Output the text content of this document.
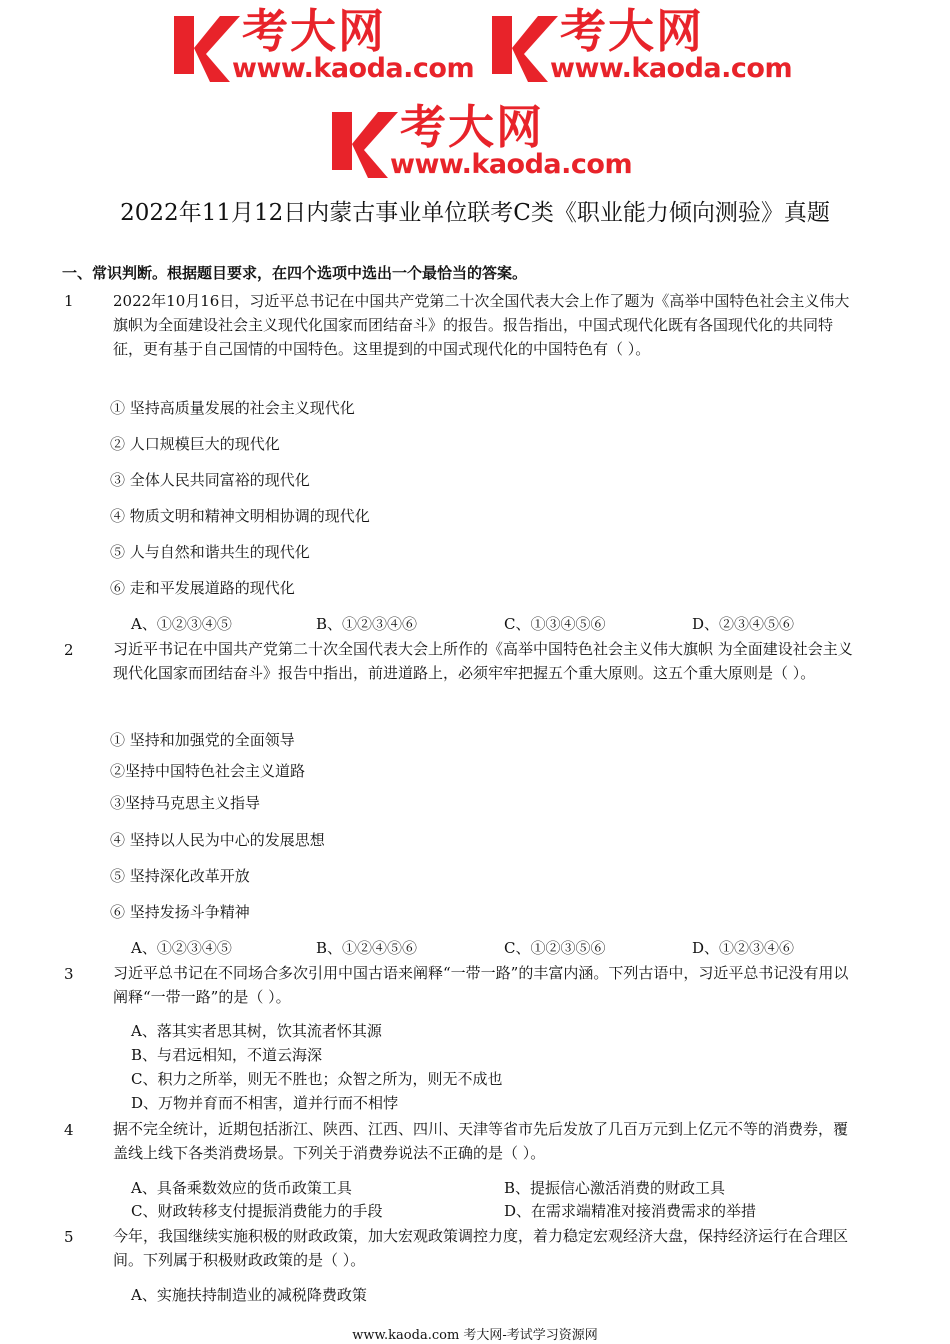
考大网
www.kaoda.com
考大网
www.kaoda.com
考大网
www.kaoda.com
2022年11月12日内蒙古事业单位联考C类《职业能力倾向测验》真题
一、常识判断。根据题目要求，在四个选项中选出一个最恰当的答案。
1	2022年10月16日，习近平总书记在中国共产党第二十次全国代表大会上作了题为《高举中国特色社会主义伟大旗帜为全面建设社会主义现代化国家而团结奋斗》的报告。报告指出，中国式现代化既有各国现代化的共同特征，更有基于自己国情的中国特色。这里提到的中国式现代化的中国特色有（ ）。
① 坚持高质量发展的社会主义现代化
② 人口规模巨大的现代化
③ 全体人民共同富裕的现代化
④ 物质文明和精神文明相协调的现代化
⑤ 人与自然和谐共生的现代化
⑥ 走和平发展道路的现代化
A、①②③④⑤	B、①②③④⑥	C、①③④⑤⑥	D、②③④⑤⑥
2	习近平书记在中国共产党第二十次全国代表大会上所作的《高举中国特色社会主义伟大旗帜 为全面建设社会主义现代化国家而团结奋斗》报告中指出，前进道路上，必须牢牢把握五个重大原则。这五个重大原则是（ ）。
① 坚持和加强党的全面领导
②坚持中国特色社会主义道路
③坚持马克思主义指导
④ 坚持以人民为中心的发展思想
⑤ 坚持深化改革开放
⑥ 坚持发扬斗争精神
A、①②③④⑤	B、①②④⑤⑥	C、①②③⑤⑥	D、①②③④⑥
3	习近平总书记在不同场合多次引用中国古语来阐释“一带一路”的丰富内涵。下列古语中，习近平总书记没有用以阐释“一带一路”的是（ ）。
A、落其实者思其树，饮其流者怀其源
B、与君远相知，不道云海深
C、积力之所举，则无不胜也；众智之所为，则无不成也
D、万物并育而不相害，道并行而不相悖
4	据不完全统计，近期包括浙江、陕西、江西、四川、天津等省市先后发放了几百万元到上亿元不等的消费券，覆盖线上线下各类消费场景。下列关于消费券说法不正确的是（ ）。
A、具备乘数效应的货币政策工具	B、提振信心激活消费的财政工具
C、财政转移支付提振消费能力的手段	D、在需求端精准对接消费需求的举措
5	今年，我国继续实施积极的财政政策，加大宏观政策调控力度，着力稳定宏观经济大盘，保持经济运行在合理区间。下列属于积极财政政策的是（ ）。
A、实施扶持制造业的减税降费政策
www.kaoda.com 考大网-考试学习资源网
